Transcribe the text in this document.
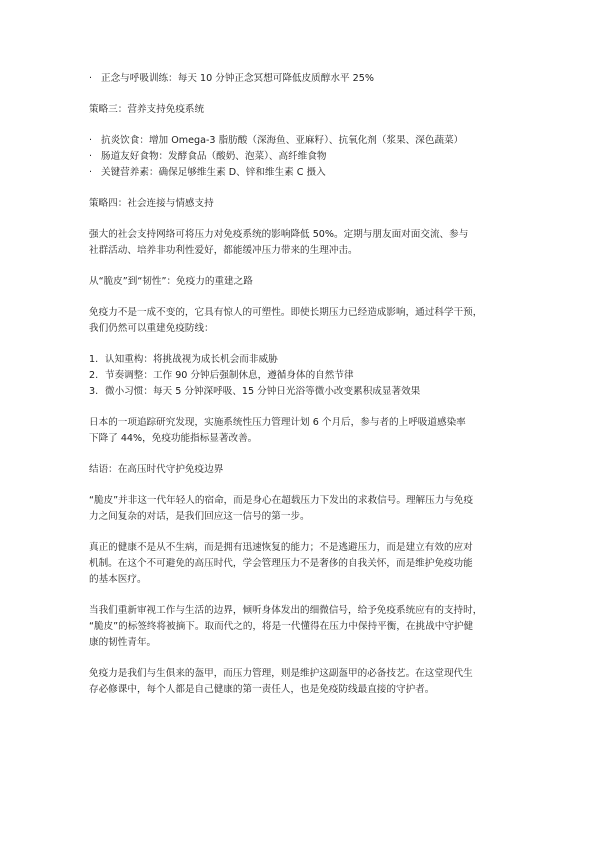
· 正念与呼吸训练：每天 10 分钟正念冥想可降低皮质醇水平 25%

策略三：营养支持免疫系统

· 抗炎饮食：增加 Omega-3 脂肪酸（深海鱼、亚麻籽）、抗氧化剂（浆果、深色蔬菜）

· 肠道友好食物：发酵食品（酸奶、泡菜）、高纤维食物

· 关键营养素：确保足够维生素 D、锌和维生素 C 摄入

策略四：社会连接与情感支持

强大的社会支持网络可将压力对免疫系统的影响降低 50%。定期与朋友面对面交流、参与

社群活动、培养非功利性爱好，都能缓冲压力带来的生理冲击。

从“脆皮”到“韧性”：免疫力的重建之路

免疫力不是一成不变的，它具有惊人的可塑性。即使长期压力已经造成影响，通过科学干预，

我们仍然可以重建免疫防线：

1. 认知重构：将挑战视为成长机会而非威胁

2. 节奏调整：工作 90 分钟后强制休息，遵循身体的自然节律

3. 微小习惯：每天 5 分钟深呼吸、15 分钟日光浴等微小改变累积成显著效果

日本的一项追踪研究发现，实施系统性压力管理计划 6 个月后，参与者的上呼吸道感染率

下降了 44%，免疫功能指标显著改善。

结语：在高压时代守护免疫边界

“脆皮”并非这一代年轻人的宿命，而是身心在超载压力下发出的求救信号。理解压力与免疫

力之间复杂的对话，是我们回应这一信号的第一步。

真正的健康不是从不生病，而是拥有迅速恢复的能力；不是逃避压力，而是建立有效的应对

机制。在这个不可避免的高压时代，学会管理压力不是奢侈的自我关怀，而是维护免疫功能

的基本医疗。

当我们重新审视工作与生活的边界，倾听身体发出的细微信号，给予免疫系统应有的支持时，

“脆皮”的标签终将被摘下。取而代之的，将是一代懂得在压力中保持平衡，在挑战中守护健

康的韧性青年。

免疫力是我们与生俱来的盔甲，而压力管理，则是维护这副盔甲的必备技艺。在这堂现代生

存必修课中，每个人都是自己健康的第一责任人，也是免疫防线最直接的守护者。
